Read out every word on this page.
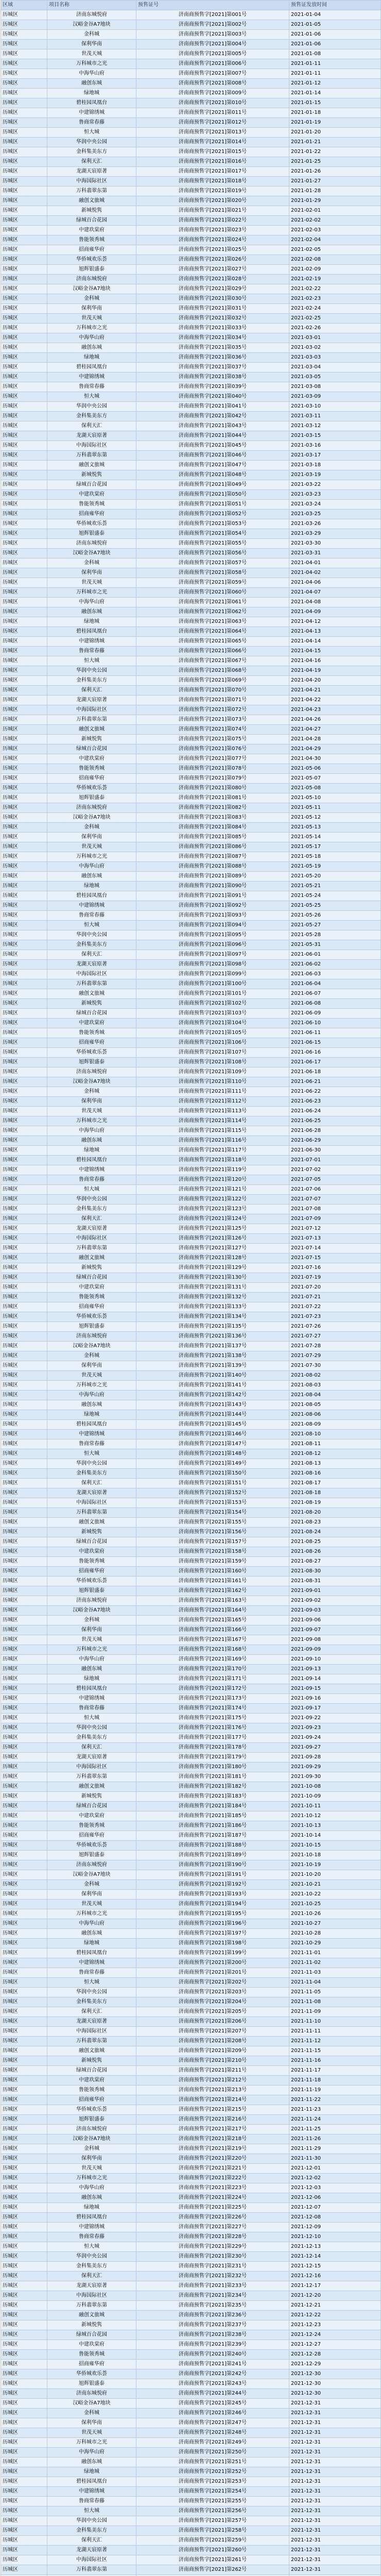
区域	项目名称	预售证号	预售证发放时间
历城区	济南东城悦府	济南商预售字[2021]第001号	2021-01-04
历城区	汉峪金谷A7地块	济南商预售字[2021]第002号	2021-01-05
历城区	金科城	济南商预售字[2021]第003号	2021-01-06
历城区	保利华南	济南商预售字[2021]第004号	2021-01-06
历城区	世茂天城	济南商预售字[2021]第005号	2021-01-08
历城区	万科城市之光	济南商预售字[2021]第006号	2021-01-11
历城区	中海华山府	济南商预售字[2021]第007号	2021-01-11
历城区	融创东城	济南商预售字[2021]第008号	2021-01-12
历城区	绿地城	济南商预售字[2021]第009号	2021-01-14
历城区	碧桂园凤凰台	济南商预售字[2021]第010号	2021-01-15
历城区	中建锦绣城	济南商预售字[2021]第011号	2021-01-18
历城区	鲁商常春藤	济南商预售字[2021]第012号	2021-01-19
历城区	恒大城	济南商预售字[2021]第013号	2021-01-20
历城区	华润中央公园	济南商预售字[2021]第014号	2021-01-21
历城区	金科集美东方	济南商预售字[2021]第015号	2021-01-22
历城区	保利天汇	济南商预售字[2021]第016号	2021-01-25
历城区	龙湖天宸原著	济南商预售字[2021]第017号	2021-01-26
历城区	中海国际社区	济南商预售字[2021]第018号	2021-01-27
历城区	万科翡翠东第	济南商预售字[2021]第019号	2021-01-28
历城区	融创文旅城	济南商预售字[2021]第020号	2021-01-29
历城区	新城悦隽	济南商预售字[2021]第021号	2021-02-01
历城区	绿城百合花园	济南商预售字[2021]第022号	2021-02-02
历城区	中建玖棠府	济南商预售字[2021]第023号	2021-02-03
历城区	鲁能领秀城	济南商预售字[2021]第024号	2021-02-04
历城区	招商雍华府	济南商预售字[2021]第025号	2021-02-05
历城区	华侨城欢乐荟	济南商预售字[2021]第026号	2021-02-08
历城区	旭辉银盛泰	济南商预售字[2021]第027号	2021-02-09
历城区	济南东城悦府	济南商预售字[2021]第028号	2021-02-19
历城区	汉峪金谷A7地块	济南商预售字[2021]第029号	2021-02-22
历城区	金科城	济南商预售字[2021]第030号	2021-02-23
历城区	保利华南	济南商预售字[2021]第031号	2021-02-24
历城区	世茂天城	济南商预售字[2021]第032号	2021-02-25
历城区	万科城市之光	济南商预售字[2021]第033号	2021-02-26
历城区	中海华山府	济南商预售字[2021]第034号	2021-03-01
历城区	融创东城	济南商预售字[2021]第035号	2021-03-02
历城区	绿地城	济南商预售字[2021]第036号	2021-03-03
历城区	碧桂园凤凰台	济南商预售字[2021]第037号	2021-03-04
历城区	中建锦绣城	济南商预售字[2021]第038号	2021-03-05
历城区	鲁商常春藤	济南商预售字[2021]第039号	2021-03-08
历城区	恒大城	济南商预售字[2021]第040号	2021-03-09
历城区	华润中央公园	济南商预售字[2021]第041号	2021-03-10
历城区	金科集美东方	济南商预售字[2021]第042号	2021-03-11
历城区	保利天汇	济南商预售字[2021]第043号	2021-03-12
历城区	龙湖天宸原著	济南商预售字[2021]第044号	2021-03-15
历城区	中海国际社区	济南商预售字[2021]第045号	2021-03-16
历城区	万科翡翠东第	济南商预售字[2021]第046号	2021-03-17
历城区	融创文旅城	济南商预售字[2021]第047号	2021-03-18
历城区	新城悦隽	济南商预售字[2021]第048号	2021-03-19
历城区	绿城百合花园	济南商预售字[2021]第049号	2021-03-22
历城区	中建玖棠府	济南商预售字[2021]第050号	2021-03-23
历城区	鲁能领秀城	济南商预售字[2021]第051号	2021-03-24
历城区	招商雍华府	济南商预售字[2021]第052号	2021-03-25
历城区	华侨城欢乐荟	济南商预售字[2021]第053号	2021-03-26
历城区	旭辉银盛泰	济南商预售字[2021]第054号	2021-03-29
历城区	济南东城悦府	济南商预售字[2021]第055号	2021-03-30
历城区	汉峪金谷A7地块	济南商预售字[2021]第056号	2021-03-31
历城区	金科城	济南商预售字[2021]第057号	2021-04-01
历城区	保利华南	济南商预售字[2021]第058号	2021-04-02
历城区	世茂天城	济南商预售字[2021]第059号	2021-04-06
历城区	万科城市之光	济南商预售字[2021]第060号	2021-04-07
历城区	中海华山府	济南商预售字[2021]第061号	2021-04-08
历城区	融创东城	济南商预售字[2021]第062号	2021-04-09
历城区	绿地城	济南商预售字[2021]第063号	2021-04-12
历城区	碧桂园凤凰台	济南商预售字[2021]第064号	2021-04-13
历城区	中建锦绣城	济南商预售字[2021]第065号	2021-04-14
历城区	鲁商常春藤	济南商预售字[2021]第066号	2021-04-15
历城区	恒大城	济南商预售字[2021]第067号	2021-04-16
历城区	华润中央公园	济南商预售字[2021]第068号	2021-04-19
历城区	金科集美东方	济南商预售字[2021]第069号	2021-04-20
历城区	保利天汇	济南商预售字[2021]第070号	2021-04-21
历城区	龙湖天宸原著	济南商预售字[2021]第071号	2021-04-22
历城区	中海国际社区	济南商预售字[2021]第072号	2021-04-23
历城区	万科翡翠东第	济南商预售字[2021]第073号	2021-04-26
历城区	融创文旅城	济南商预售字[2021]第074号	2021-04-27
历城区	新城悦隽	济南商预售字[2021]第075号	2021-04-28
历城区	绿城百合花园	济南商预售字[2021]第076号	2021-04-29
历城区	中建玖棠府	济南商预售字[2021]第077号	2021-04-30
历城区	鲁能领秀城	济南商预售字[2021]第078号	2021-05-06
历城区	招商雍华府	济南商预售字[2021]第079号	2021-05-07
历城区	华侨城欢乐荟	济南商预售字[2021]第080号	2021-05-08
历城区	旭辉银盛泰	济南商预售字[2021]第081号	2021-05-10
历城区	济南东城悦府	济南商预售字[2021]第082号	2021-05-11
历城区	汉峪金谷A7地块	济南商预售字[2021]第083号	2021-05-12
历城区	金科城	济南商预售字[2021]第084号	2021-05-13
历城区	保利华南	济南商预售字[2021]第085号	2021-05-14
历城区	世茂天城	济南商预售字[2021]第086号	2021-05-17
历城区	万科城市之光	济南商预售字[2021]第087号	2021-05-18
历城区	中海华山府	济南商预售字[2021]第088号	2021-05-19
历城区	融创东城	济南商预售字[2021]第089号	2021-05-20
历城区	绿地城	济南商预售字[2021]第090号	2021-05-21
历城区	碧桂园凤凰台	济南商预售字[2021]第091号	2021-05-24
历城区	中建锦绣城	济南商预售字[2021]第092号	2021-05-25
历城区	鲁商常春藤	济南商预售字[2021]第093号	2021-05-26
历城区	恒大城	济南商预售字[2021]第094号	2021-05-27
历城区	华润中央公园	济南商预售字[2021]第095号	2021-05-28
历城区	金科集美东方	济南商预售字[2021]第096号	2021-05-31
历城区	保利天汇	济南商预售字[2021]第097号	2021-06-01
历城区	龙湖天宸原著	济南商预售字[2021]第098号	2021-06-02
历城区	中海国际社区	济南商预售字[2021]第099号	2021-06-03
历城区	万科翡翠东第	济南商预售字[2021]第100号	2021-06-04
历城区	融创文旅城	济南商预售字[2021]第101号	2021-06-07
历城区	新城悦隽	济南商预售字[2021]第102号	2021-06-08
历城区	绿城百合花园	济南商预售字[2021]第103号	2021-06-09
历城区	中建玖棠府	济南商预售字[2021]第104号	2021-06-10
历城区	鲁能领秀城	济南商预售字[2021]第105号	2021-06-11
历城区	招商雍华府	济南商预售字[2021]第106号	2021-06-15
历城区	华侨城欢乐荟	济南商预售字[2021]第107号	2021-06-16
历城区	旭辉银盛泰	济南商预售字[2021]第108号	2021-06-17
历城区	济南东城悦府	济南商预售字[2021]第109号	2021-06-18
历城区	汉峪金谷A7地块	济南商预售字[2021]第110号	2021-06-21
历城区	金科城	济南商预售字[2021]第111号	2021-06-22
历城区	保利华南	济南商预售字[2021]第112号	2021-06-23
历城区	世茂天城	济南商预售字[2021]第113号	2021-06-24
历城区	万科城市之光	济南商预售字[2021]第114号	2021-06-25
历城区	中海华山府	济南商预售字[2021]第115号	2021-06-28
历城区	融创东城	济南商预售字[2021]第116号	2021-06-29
历城区	绿地城	济南商预售字[2021]第117号	2021-06-30
历城区	碧桂园凤凰台	济南商预售字[2021]第118号	2021-07-01
历城区	中建锦绣城	济南商预售字[2021]第119号	2021-07-02
历城区	鲁商常春藤	济南商预售字[2021]第120号	2021-07-05
历城区	恒大城	济南商预售字[2021]第121号	2021-07-06
历城区	华润中央公园	济南商预售字[2021]第122号	2021-07-07
历城区	金科集美东方	济南商预售字[2021]第123号	2021-07-08
历城区	保利天汇	济南商预售字[2021]第124号	2021-07-09
历城区	龙湖天宸原著	济南商预售字[2021]第125号	2021-07-12
历城区	中海国际社区	济南商预售字[2021]第126号	2021-07-13
历城区	万科翡翠东第	济南商预售字[2021]第127号	2021-07-14
历城区	融创文旅城	济南商预售字[2021]第128号	2021-07-15
历城区	新城悦隽	济南商预售字[2021]第129号	2021-07-16
历城区	绿城百合花园	济南商预售字[2021]第130号	2021-07-19
历城区	中建玖棠府	济南商预售字[2021]第131号	2021-07-20
历城区	鲁能领秀城	济南商预售字[2021]第132号	2021-07-21
历城区	招商雍华府	济南商预售字[2021]第133号	2021-07-22
历城区	华侨城欢乐荟	济南商预售字[2021]第134号	2021-07-23
历城区	旭辉银盛泰	济南商预售字[2021]第135号	2021-07-26
历城区	济南东城悦府	济南商预售字[2021]第136号	2021-07-27
历城区	汉峪金谷A7地块	济南商预售字[2021]第137号	2021-07-28
历城区	金科城	济南商预售字[2021]第138号	2021-07-29
历城区	保利华南	济南商预售字[2021]第139号	2021-07-30
历城区	世茂天城	济南商预售字[2021]第140号	2021-08-02
历城区	万科城市之光	济南商预售字[2021]第141号	2021-08-03
历城区	中海华山府	济南商预售字[2021]第142号	2021-08-04
历城区	融创东城	济南商预售字[2021]第143号	2021-08-05
历城区	绿地城	济南商预售字[2021]第144号	2021-08-06
历城区	碧桂园凤凰台	济南商预售字[2021]第145号	2021-08-09
历城区	中建锦绣城	济南商预售字[2021]第146号	2021-08-10
历城区	鲁商常春藤	济南商预售字[2021]第147号	2021-08-11
历城区	恒大城	济南商预售字[2021]第148号	2021-08-12
历城区	华润中央公园	济南商预售字[2021]第149号	2021-08-13
历城区	金科集美东方	济南商预售字[2021]第150号	2021-08-16
历城区	保利天汇	济南商预售字[2021]第151号	2021-08-17
历城区	龙湖天宸原著	济南商预售字[2021]第152号	2021-08-18
历城区	中海国际社区	济南商预售字[2021]第153号	2021-08-19
历城区	万科翡翠东第	济南商预售字[2021]第154号	2021-08-20
历城区	融创文旅城	济南商预售字[2021]第155号	2021-08-23
历城区	新城悦隽	济南商预售字[2021]第156号	2021-08-24
历城区	绿城百合花园	济南商预售字[2021]第157号	2021-08-25
历城区	中建玖棠府	济南商预售字[2021]第158号	2021-08-26
历城区	鲁能领秀城	济南商预售字[2021]第159号	2021-08-27
历城区	招商雍华府	济南商预售字[2021]第160号	2021-08-30
历城区	华侨城欢乐荟	济南商预售字[2021]第161号	2021-08-31
历城区	旭辉银盛泰	济南商预售字[2021]第162号	2021-09-01
历城区	济南东城悦府	济南商预售字[2021]第163号	2021-09-02
历城区	汉峪金谷A7地块	济南商预售字[2021]第164号	2021-09-03
历城区	金科城	济南商预售字[2021]第165号	2021-09-06
历城区	保利华南	济南商预售字[2021]第166号	2021-09-07
历城区	世茂天城	济南商预售字[2021]第167号	2021-09-08
历城区	万科城市之光	济南商预售字[2021]第168号	2021-09-09
历城区	中海华山府	济南商预售字[2021]第169号	2021-09-10
历城区	融创东城	济南商预售字[2021]第170号	2021-09-13
历城区	绿地城	济南商预售字[2021]第171号	2021-09-14
历城区	碧桂园凤凰台	济南商预售字[2021]第172号	2021-09-15
历城区	中建锦绣城	济南商预售字[2021]第173号	2021-09-16
历城区	鲁商常春藤	济南商预售字[2021]第174号	2021-09-17
历城区	恒大城	济南商预售字[2021]第175号	2021-09-22
历城区	华润中央公园	济南商预售字[2021]第176号	2021-09-23
历城区	金科集美东方	济南商预售字[2021]第177号	2021-09-24
历城区	保利天汇	济南商预售字[2021]第178号	2021-09-27
历城区	龙湖天宸原著	济南商预售字[2021]第179号	2021-09-28
历城区	中海国际社区	济南商预售字[2021]第180号	2021-09-29
历城区	万科翡翠东第	济南商预售字[2021]第181号	2021-09-30
历城区	融创文旅城	济南商预售字[2021]第182号	2021-10-08
历城区	新城悦隽	济南商预售字[2021]第183号	2021-10-09
历城区	绿城百合花园	济南商预售字[2021]第184号	2021-10-11
历城区	中建玖棠府	济南商预售字[2021]第185号	2021-10-12
历城区	鲁能领秀城	济南商预售字[2021]第186号	2021-10-13
历城区	招商雍华府	济南商预售字[2021]第187号	2021-10-14
历城区	华侨城欢乐荟	济南商预售字[2021]第188号	2021-10-15
历城区	旭辉银盛泰	济南商预售字[2021]第189号	2021-10-18
历城区	济南东城悦府	济南商预售字[2021]第190号	2021-10-19
历城区	汉峪金谷A7地块	济南商预售字[2021]第191号	2021-10-20
历城区	金科城	济南商预售字[2021]第192号	2021-10-21
历城区	保利华南	济南商预售字[2021]第193号	2021-10-22
历城区	世茂天城	济南商预售字[2021]第194号	2021-10-25
历城区	万科城市之光	济南商预售字[2021]第195号	2021-10-26
历城区	中海华山府	济南商预售字[2021]第196号	2021-10-27
历城区	融创东城	济南商预售字[2021]第197号	2021-10-28
历城区	绿地城	济南商预售字[2021]第198号	2021-10-29
历城区	碧桂园凤凰台	济南商预售字[2021]第199号	2021-11-01
历城区	中建锦绣城	济南商预售字[2021]第200号	2021-11-02
历城区	鲁商常春藤	济南商预售字[2021]第201号	2021-11-03
历城区	恒大城	济南商预售字[2021]第202号	2021-11-04
历城区	华润中央公园	济南商预售字[2021]第203号	2021-11-05
历城区	金科集美东方	济南商预售字[2021]第204号	2021-11-08
历城区	保利天汇	济南商预售字[2021]第205号	2021-11-09
历城区	龙湖天宸原著	济南商预售字[2021]第206号	2021-11-10
历城区	中海国际社区	济南商预售字[2021]第207号	2021-11-11
历城区	万科翡翠东第	济南商预售字[2021]第208号	2021-11-12
历城区	融创文旅城	济南商预售字[2021]第209号	2021-11-15
历城区	新城悦隽	济南商预售字[2021]第210号	2021-11-16
历城区	绿城百合花园	济南商预售字[2021]第211号	2021-11-17
历城区	中建玖棠府	济南商预售字[2021]第212号	2021-11-18
历城区	鲁能领秀城	济南商预售字[2021]第213号	2021-11-19
历城区	招商雍华府	济南商预售字[2021]第214号	2021-11-22
历城区	华侨城欢乐荟	济南商预售字[2021]第215号	2021-11-23
历城区	旭辉银盛泰	济南商预售字[2021]第216号	2021-11-24
历城区	济南东城悦府	济南商预售字[2021]第217号	2021-11-25
历城区	汉峪金谷A7地块	济南商预售字[2021]第218号	2021-11-26
历城区	金科城	济南商预售字[2021]第219号	2021-11-29
历城区	保利华南	济南商预售字[2021]第220号	2021-11-30
历城区	世茂天城	济南商预售字[2021]第221号	2021-12-01
历城区	万科城市之光	济南商预售字[2021]第222号	2021-12-02
历城区	中海华山府	济南商预售字[2021]第223号	2021-12-03
历城区	融创东城	济南商预售字[2021]第224号	2021-12-06
历城区	绿地城	济南商预售字[2021]第225号	2021-12-07
历城区	碧桂园凤凰台	济南商预售字[2021]第226号	2021-12-08
历城区	中建锦绣城	济南商预售字[2021]第227号	2021-12-09
历城区	鲁商常春藤	济南商预售字[2021]第228号	2021-12-10
历城区	恒大城	济南商预售字[2021]第229号	2021-12-13
历城区	华润中央公园	济南商预售字[2021]第230号	2021-12-14
历城区	金科集美东方	济南商预售字[2021]第231号	2021-12-15
历城区	保利天汇	济南商预售字[2021]第232号	2021-12-16
历城区	龙湖天宸原著	济南商预售字[2021]第233号	2021-12-17
历城区	中海国际社区	济南商预售字[2021]第234号	2021-12-20
历城区	万科翡翠东第	济南商预售字[2021]第235号	2021-12-21
历城区	融创文旅城	济南商预售字[2021]第236号	2021-12-22
历城区	新城悦隽	济南商预售字[2021]第237号	2021-12-23
历城区	绿城百合花园	济南商预售字[2021]第238号	2021-12-24
历城区	中建玖棠府	济南商预售字[2021]第239号	2021-12-27
历城区	鲁能领秀城	济南商预售字[2021]第240号	2021-12-28
历城区	招商雍华府	济南商预售字[2021]第241号	2021-12-29
历城区	华侨城欢乐荟	济南商预售字[2021]第242号	2021-12-30
历城区	旭辉银盛泰	济南商预售字[2021]第243号	2021-12-30
历城区	济南东城悦府	济南商预售字[2021]第244号	2021-12-30
历城区	汉峪金谷A7地块	济南商预售字[2021]第245号	2021-12-31
历城区	金科城	济南商预售字[2021]第246号	2021-12-31
历城区	保利华南	济南商预售字[2021]第247号	2021-12-31
历城区	世茂天城	济南商预售字[2021]第248号	2021-12-31
历城区	万科城市之光	济南商预售字[2021]第249号	2021-12-31
历城区	中海华山府	济南商预售字[2021]第250号	2021-12-31
历城区	融创东城	济南商预售字[2021]第251号	2021-12-31
历城区	绿地城	济南商预售字[2021]第252号	2021-12-31
历城区	碧桂园凤凰台	济南商预售字[2021]第253号	2021-12-31
历城区	中建锦绣城	济南商预售字[2021]第254号	2021-12-31
历城区	鲁商常春藤	济南商预售字[2021]第255号	2021-12-31
历城区	恒大城	济南商预售字[2021]第256号	2021-12-31
历城区	华润中央公园	济南商预售字[2021]第257号	2021-12-31
历城区	金科集美东方	济南商预售字[2021]第258号	2021-12-31
历城区	保利天汇	济南商预售字[2021]第259号	2021-12-31
历城区	龙湖天宸原著	济南商预售字[2021]第260号	2021-12-31
历城区	中海国际社区	济南商预售字[2021]第261号	2021-12-31
历城区	万科翡翠东第	济南商预售字[2021]第262号	2021-12-31
